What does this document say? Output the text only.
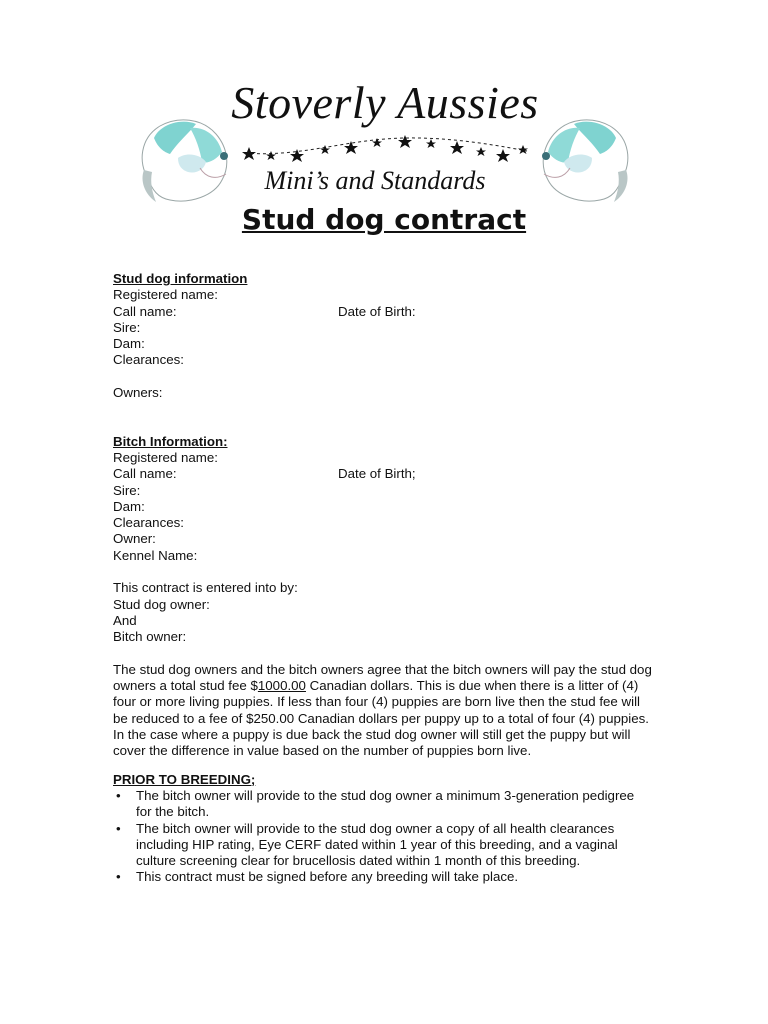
Stoverly Aussies
Mini’s and Standards
Stud dog contract

Stud dog information

Registered name:

Call name:	Date of Birth:

Sire:

Dam:

Clearances:

Owners:

Bitch Information:

Registered name:

Call name:	Date of Birth;

Sire:

Dam:

Clearances:

Owner:

Kennel Name:

This contract is entered into by:

Stud dog owner:

And

Bitch owner:

The stud dog owners and the bitch owners agree that the bitch owners will pay the stud dog owners a total stud fee $1000.00 Canadian dollars. This is due when there is a litter of (4) four or more living puppies. If less than four (4) puppies are born live then the stud fee will be reduced to a fee of $250.00 Canadian dollars per puppy up to a total of four (4) puppies. In the case where a puppy is due back the stud dog owner will still get the puppy but will cover the difference in value based on the number of puppies born live.

PRIOR TO BREEDING;

• The bitch owner will provide to the stud dog owner a minimum 3-generation pedigree for the bitch.
• The bitch owner will provide to the stud dog owner a copy of all health clearances including HIP rating, Eye CERF dated within 1 year of this breeding, and a vaginal culture screening clear for brucellosis dated within 1 month of this breeding.
• This contract must be signed before any breeding will take place.
